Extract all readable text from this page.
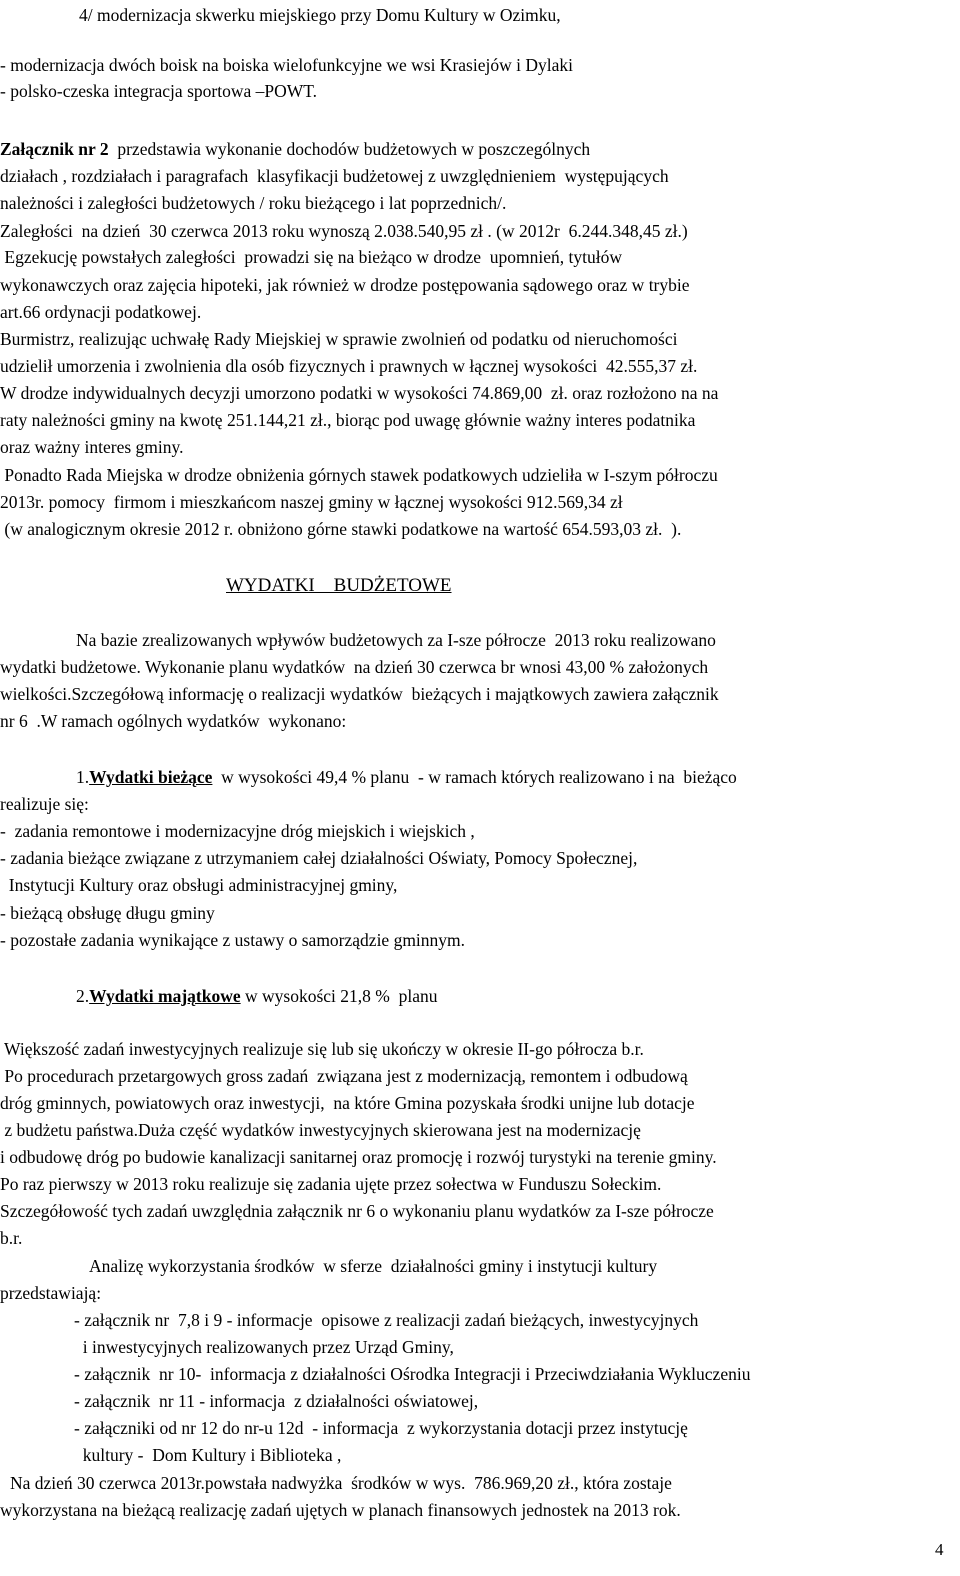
4/ modernizacja skwerku miejskiego przy Domu Kultury w Ozimku,
- modernizacja dwóch boisk na boiska wielofunkcyjne we wsi Krasiejów i Dylaki
- polsko-czeska integracja sportowa –POWT.
Załącznik nr 2  przedstawia wykonanie dochodów budżetowych w poszczególnych
działach , rozdziałach i paragrafach  klasyfikacji budżetowej z uwzględnieniem  występujących
należności i zaległości budżetowych / roku bieżącego i lat poprzednich/.
Zaległości  na dzień  30 czerwca 2013 roku wynoszą 2.038.540,95 zł . (w 2012r  6.244.348,45 zł.)
Egzekucję powstałych zaległości  prowadzi się na bieżąco w drodze  upomnień, tytułów
wykonawczych oraz zajęcia hipoteki, jak również w drodze postępowania sądowego oraz w trybie
art.66 ordynacji podatkowej.
Burmistrz, realizując uchwałę Rady Miejskiej w sprawie zwolnień od podatku od nieruchomości
udzielił umorzenia i zwolnienia dla osób fizycznych i prawnych w łącznej wysokości  42.555,37 zł.
W drodze indywidualnych decyzji umorzono podatki w wysokości 74.869,00  zł. oraz rozłożono na na
raty należności gminy na kwotę 251.144,21 zł., biorąc pod uwagę głównie ważny interes podatnika
oraz ważny interes gminy.
Ponadto Rada Miejska w drodze obniżenia górnych stawek podatkowych udzieliła w I-szym półroczu
2013r. pomocy  firmom i mieszkańcom naszej gminy w łącznej wysokości 912.569,34 zł
(w analogicznym okresie 2012 r. obniżono górne stawki podatkowe na wartość 654.593,03 zł.  ).
WYDATKI    BUDŻETOWE
Na bazie zrealizowanych wpływów budżetowych za I-sze półrocze  2013 roku realizowano
wydatki budżetowe. Wykonanie planu wydatków  na dzień 30 czerwca br wnosi 43,00 % założonych
wielkości.Szczegółową informację o realizacji wydatków  bieżących i majątkowych zawiera załącznik
nr 6  .W ramach ogólnych wydatków  wykonano:
1.Wydatki bieżące  w wysokości 49,4 % planu  - w ramach których realizowano i na  bieżąco
realizuje się:
-  zadania remontowe i modernizacyjne dróg miejskich i wiejskich ,
- zadania bieżące związane z utrzymaniem całej działalności Oświaty, Pomocy Społecznej,
Instytucji Kultury oraz obsługi administracyjnej gminy,
- bieżącą obsługę długu gminy
- pozostałe zadania wynikające z ustawy o samorządzie gminnym.
2.Wydatki majątkowe w wysokości 21,8 %  planu
Większość zadań inwestycyjnych realizuje się lub się ukończy w okresie II-go półrocza b.r.
Po procedurach przetargowych gross zadań  związana jest z modernizacją, remontem i odbudową
dróg gminnych, powiatowych oraz inwestycji,  na które Gmina pozyskała środki unijne lub dotacje
z budżetu państwa.Duża część wydatków inwestycyjnych skierowana jest na modernizację
i odbudowę dróg po budowie kanalizacji sanitarnej oraz promocję i rozwój turystyki na terenie gminy.
Po raz pierwszy w 2013 roku realizuje się zadania ujęte przez sołectwa w Funduszu Sołeckim.
Szczegółowość tych zadań uwzględnia załącznik nr 6 o wykonaniu planu wydatków za I-sze półrocze
b.r.
Analizę wykorzystania środków  w sferze  działalności gminy i instytucji kultury
przedstawiają:
- załącznik nr  7,8 i 9 - informacje  opisowe z realizacji zadań bieżących, inwestycyjnych
i inwestycyjnych realizowanych przez Urząd Gminy,
- załącznik  nr 10-  informacja z działalności Ośrodka Integracji i Przeciwdziałania Wykluczeniu
- załącznik  nr 11 - informacja  z działalności oświatowej,
- załączniki od nr 12 do nr-u 12d  - informacja  z wykorzystania dotacji przez instytucję
kultury -  Dom Kultury i Biblioteka ,
Na dzień 30 czerwca 2013r.powstała nadwyżka  środków w wys.  786.969,20 zł., która zostaje
wykorzystana na bieżącą realizację zadań ujętych w planach finansowych jednostek na 2013 rok.
4
